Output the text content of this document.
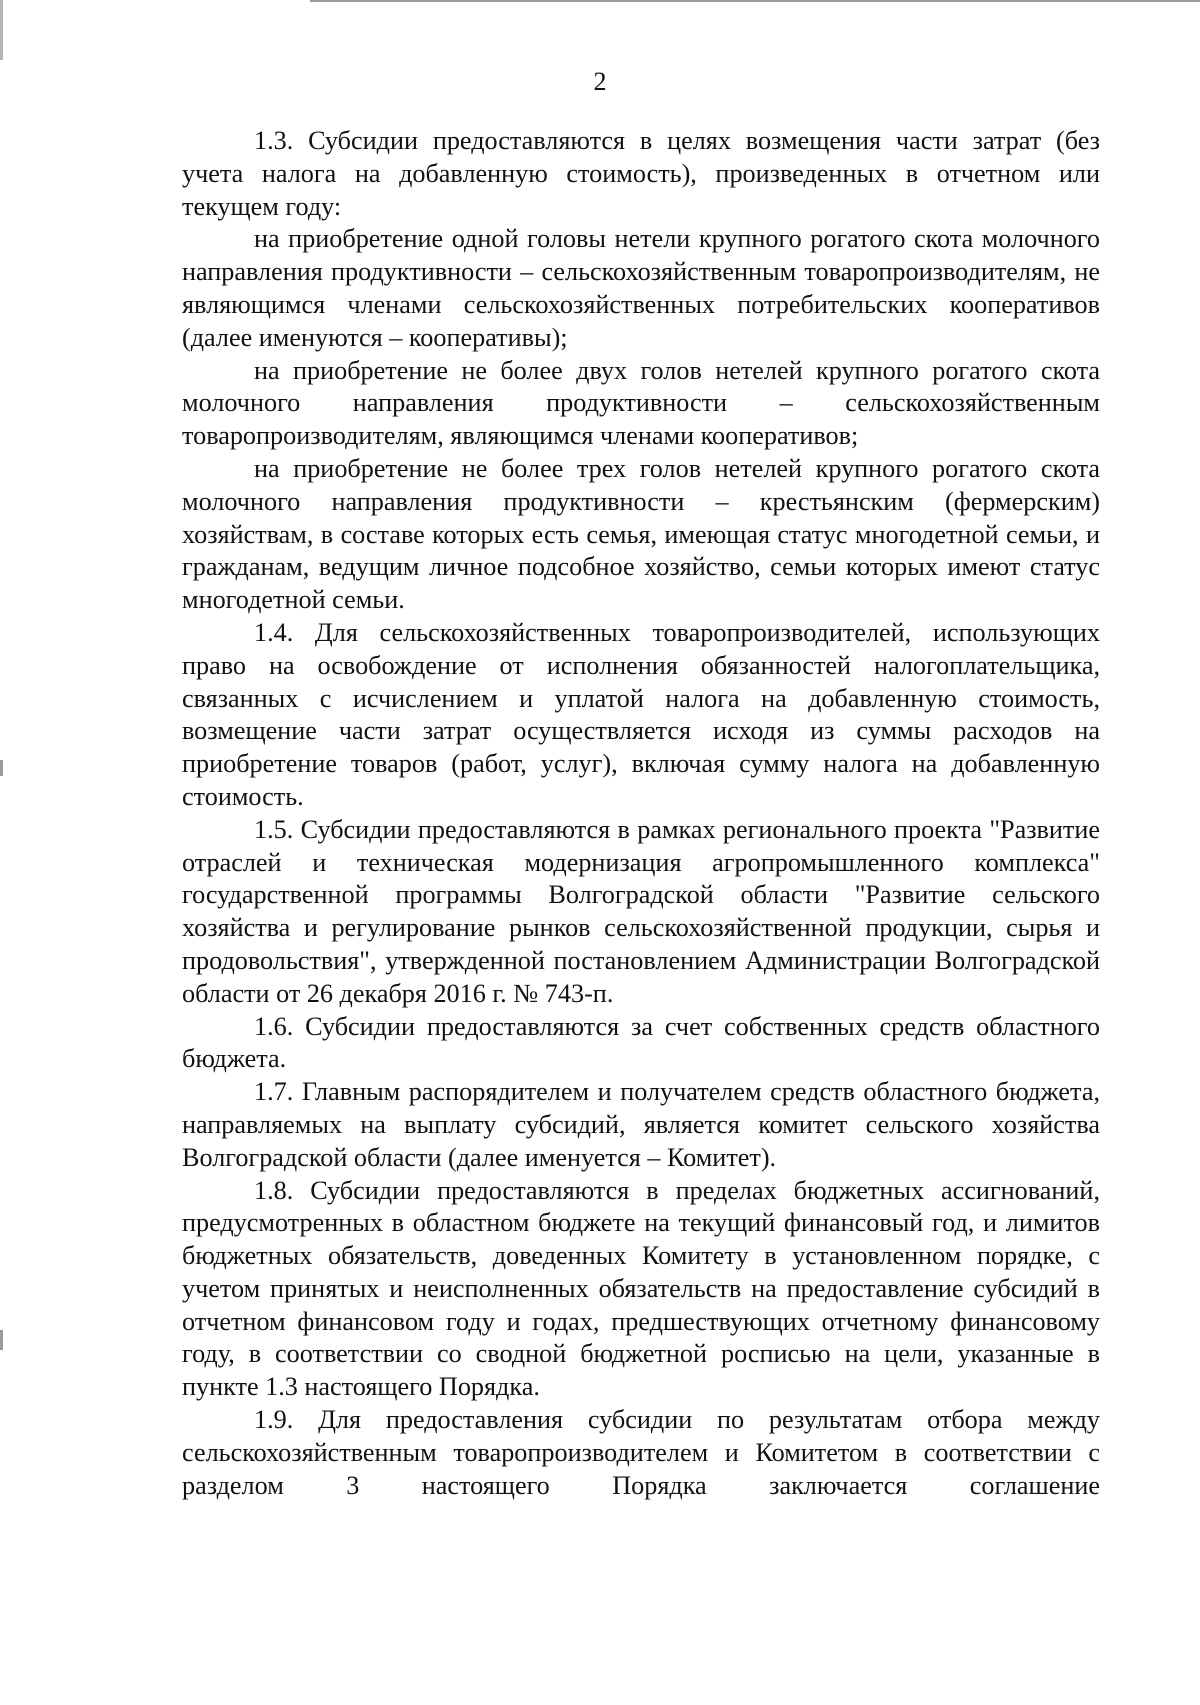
2

1.3. Субсидии предоставляются в целях возмещения части затрат (без учета налога на добавленную стоимость), произведенных в отчетном или текущем году:

на приобретение одной головы нетели крупного рогатого скота молочного направления продуктивности – сельскохозяйственным товаропроизводителям, не являющимся членами сельскохозяйственных потребительских кооперативов (далее именуются – кооперативы);

на приобретение не более двух голов нетелей крупного рогатого скота молочного направления продуктивности – сельскохозяйственным товаропроизводителям, являющимся членами кооперативов;

на приобретение не более трех голов нетелей крупного рогатого скота молочного направления продуктивности – крестьянским (фермерским) хозяйствам, в составе которых есть семья, имеющая статус многодетной семьи, и гражданам, ведущим личное подсобное хозяйство, семьи которых имеют статус многодетной семьи.

1.4. Для сельскохозяйственных товаропроизводителей, использующих право на освобождение от исполнения обязанностей налогоплательщика, связанных с исчислением и уплатой налога на добавленную стоимость, возмещение части затрат осуществляется исходя из суммы расходов на приобретение товаров (работ, услуг), включая сумму налога на добавленную стоимость.

1.5. Субсидии предоставляются в рамках регионального проекта "Развитие отраслей и техническая модернизация агропромышленного комплекса" государственной программы Волгоградской области "Развитие сельского хозяйства и регулирование рынков сельскохозяйственной продукции, сырья и продовольствия", утвержденной постановлением Администрации Волгоградской области от 26 декабря 2016 г. № 743-п.

1.6. Субсидии предоставляются за счет собственных средств областного бюджета.

1.7. Главным распорядителем и получателем средств областного бюджета, направляемых на выплату субсидий, является комитет сельского хозяйства Волгоградской области (далее именуется – Комитет).

1.8. Субсидии предоставляются в пределах бюджетных ассигнований, предусмотренных в областном бюджете на текущий финансовый год, и лимитов бюджетных обязательств, доведенных Комитету в установленном порядке, с учетом принятых и неисполненных обязательств на предоставление субсидий в отчетном финансовом году и годах, предшествующих отчетному финансовому году, в соответствии со сводной бюджетной росписью на цели, указанные в пункте 1.3 настоящего Порядка.

1.9. Для предоставления субсидии по результатам отбора между сельскохозяйственным товаропроизводителем и Комитетом в соответствии с разделом 3 настоящего Порядка заключается соглашение
